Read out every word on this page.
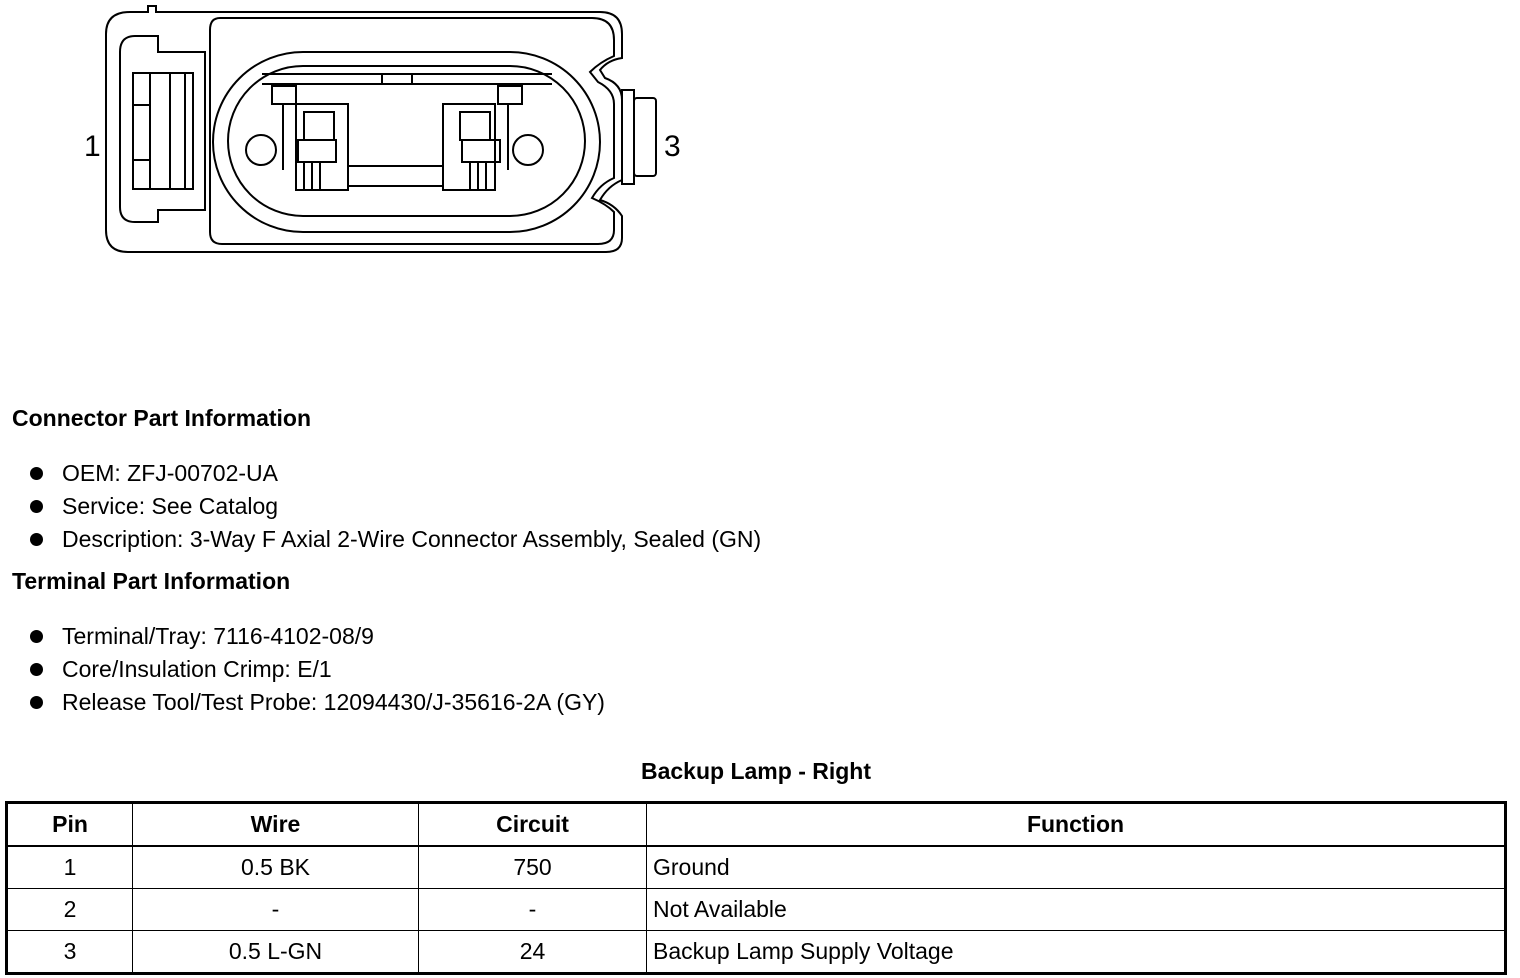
1	3
Connector Part Information
OEM: ZFJ-00702-UA
Service: See Catalog
Description: 3-Way F Axial 2-Wire Connector Assembly, Sealed (GN)
Terminal Part Information
Terminal/Tray: 7116-4102-08/9
Core/Insulation Crimp: E/1
Release Tool/Test Probe: 12094430/J-35616-2A (GY)
Backup Lamp - Right
Pin	Wire	Circuit	Function
1	0.5 BK	750	Ground
2	-	-	Not Available
3	0.5 L-GN	24	Backup Lamp Supply Voltage
